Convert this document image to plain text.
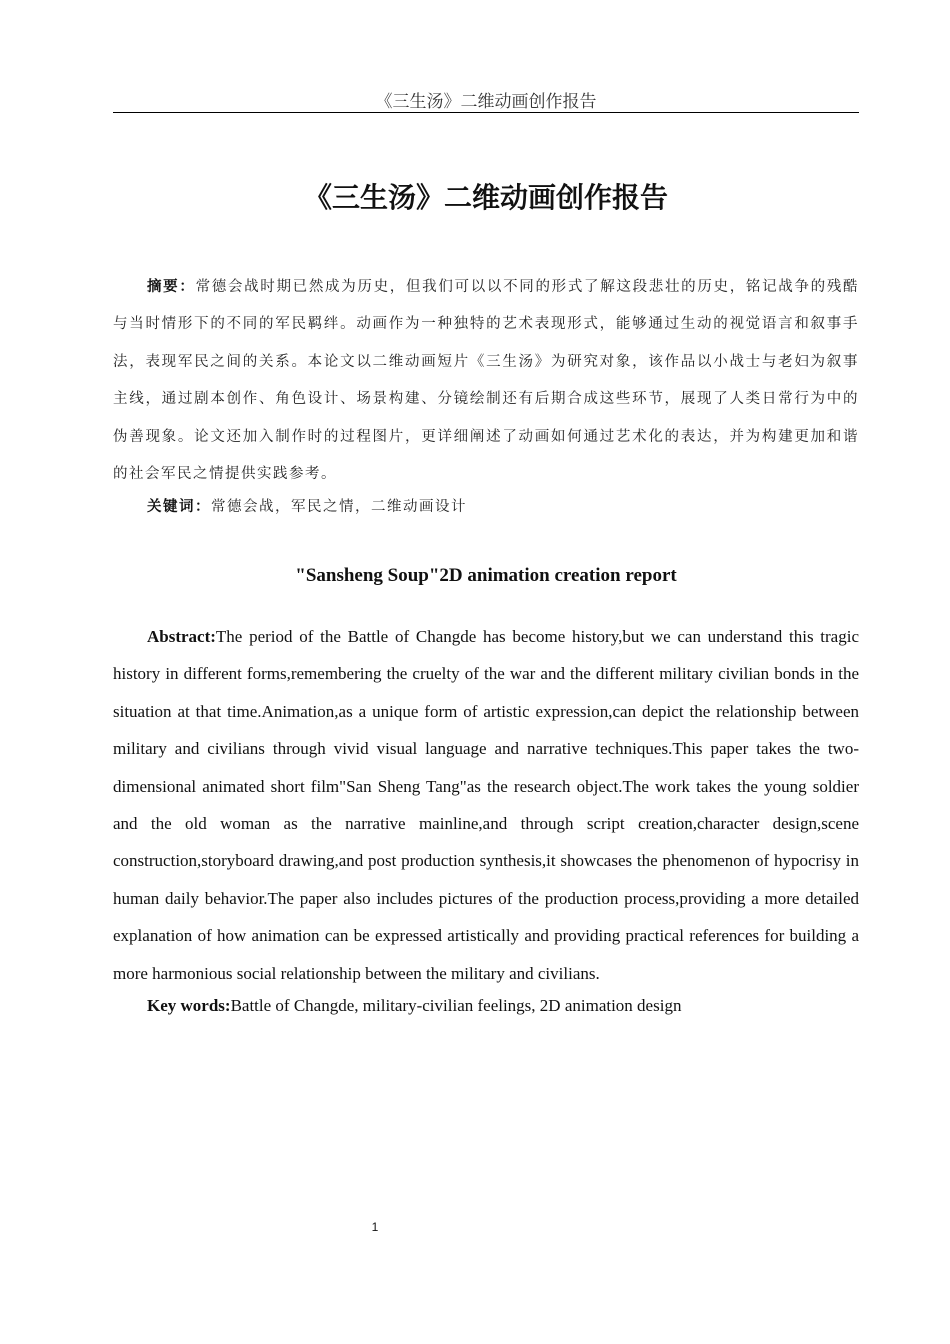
《三生汤》二维动画创作报告
《三生汤》二维动画创作报告

摘要：常德会战时期已然成为历史，但我们可以以不同的形式了解这段悲壮的历史，铭记战争的残酷与当时情形下的不同的军民羁绊。动画作为一种独特的艺术表现形式，能够通过生动的视觉语言和叙事手法，表现军民之间的关系。本论文以二维动画短片《三生汤》为研究对象，该作品以小战士与老妇为叙事主线，通过剧本创作、角色设计、场景构建、分镜绘制还有后期合成这些环节，展现了人类日常行为中的伪善现象。论文还加入制作时的过程图片，更详细阐述了动画如何通过艺术化的表达，并为构建更加和谐的社会军民之情提供实践参考。

关键词：常德会战，军民之情，二维动画设计

"Sansheng Soup"2D animation creation report

Abstract:The period of the Battle of Changde has become history,but we can understand this tragic history in different forms,remembering the cruelty of the war and the different military civilian bonds in the situation at that time.Animation,as a unique form of artistic expression,can depict the relationship between military and civilians through vivid visual language and narrative techniques.This paper takes the two-dimensional animated short film"San Sheng Tang"as the research object.The work takes the young soldier and the old woman as the narrative mainline,and through script creation,character design,scene construction,storyboard drawing,and post production synthesis,it showcases the phenomenon of hypocrisy in human daily behavior.The paper also includes pictures of the production process,providing a more detailed explanation of how animation can be expressed artistically and providing practical references for building a more harmonious social relationship between the military and civilians.

Key words:Battle of Changde, military-civilian feelings, 2D animation design

1
